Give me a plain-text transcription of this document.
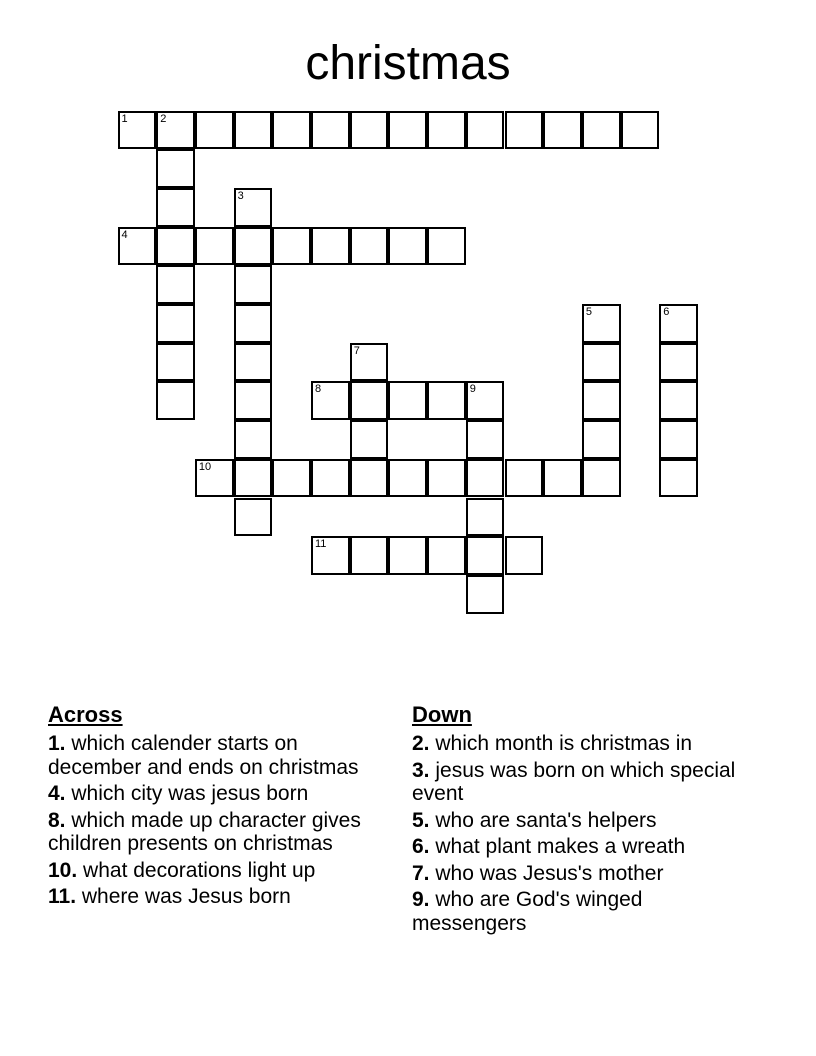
christmas
1	2
3
4
5	6
7
8	9
10
11
Across
1. which calender starts on december and ends on christmas
4. which city was jesus born
8. which made up character gives children presents on christmas
10. what decorations light up
11. where was Jesus born
Down
2. which month is christmas in
3. jesus was born on which special event
5. who are santa's helpers
6. what plant makes a wreath
7. who was Jesus's mother
9. who are God's winged messengers
